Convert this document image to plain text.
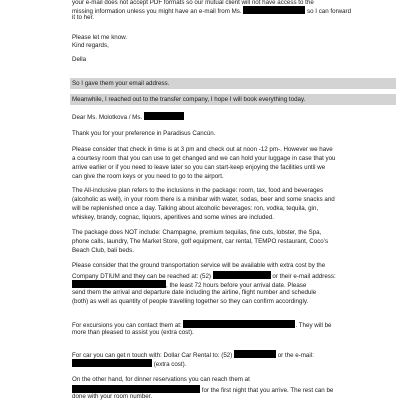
your e-mail does not accept PDF formats so our mutual client will not have access to the
missing information unless you might have an e-mail from Ms.	so I can forward
it to her.
Please let me know.
Kind regards,
Della
So I gave them your email address.
Meanwhile, I reached out to the transfer company, I hope I will book everything today.
Dear Ms. Molotkova / Ms.
Thank you for your preference in Paradisus Cancún.
Please consider that check in time is at 3 pm and check out at noon -12 pm-. However we have
a courtesy room that you can use to get changed and we can hold your luggage in case that you
arrive earlier or if you need to leave later so you can start-keep enjoying the facilities until we
can give the room keys or you need to go to the airport.
The All-inclusive plan refers to the inclusions in the package: room, tax, food and beverages
(alcoholic as well), in your room there is a minibar with water, sodas, beer and some snacks and
will be replenished once a day. Talking about alcoholic beverages: ron, vodka, tequila, gin,
whiskey, brandy, cognac, liquors, aperitives and some wines are included.
The package does NOT include: Champagne, premium tequilas, fine cuts, lobster, the Spa,
phone calls, laundry, The Market Store, golf equipment, car rental, TEMPO restaurant, Coco’s
Beach Club, bali beds.
Please consider that the ground transportation service will be available with extra cost by the
Company DTIUM and they can be reached at: (52)	or their e-mail address:
, the least 72 hours before your arrival date. Please
send them the arrival and departure date including the airline, flight number and schedule
(both) as well as quantity of people travelling together so they can confirm accordingly.
For excursions you can contact them at:	. They will be
more than pleased to assist you (extra cost).
For car you can get n touch with: Dollar Car Rental to: (52)	or the e-mail:
(extra cost).
On the other hand, for dinner reservations you can reach them at
for the first night that you arrive. The rest can be
done with your room number.
